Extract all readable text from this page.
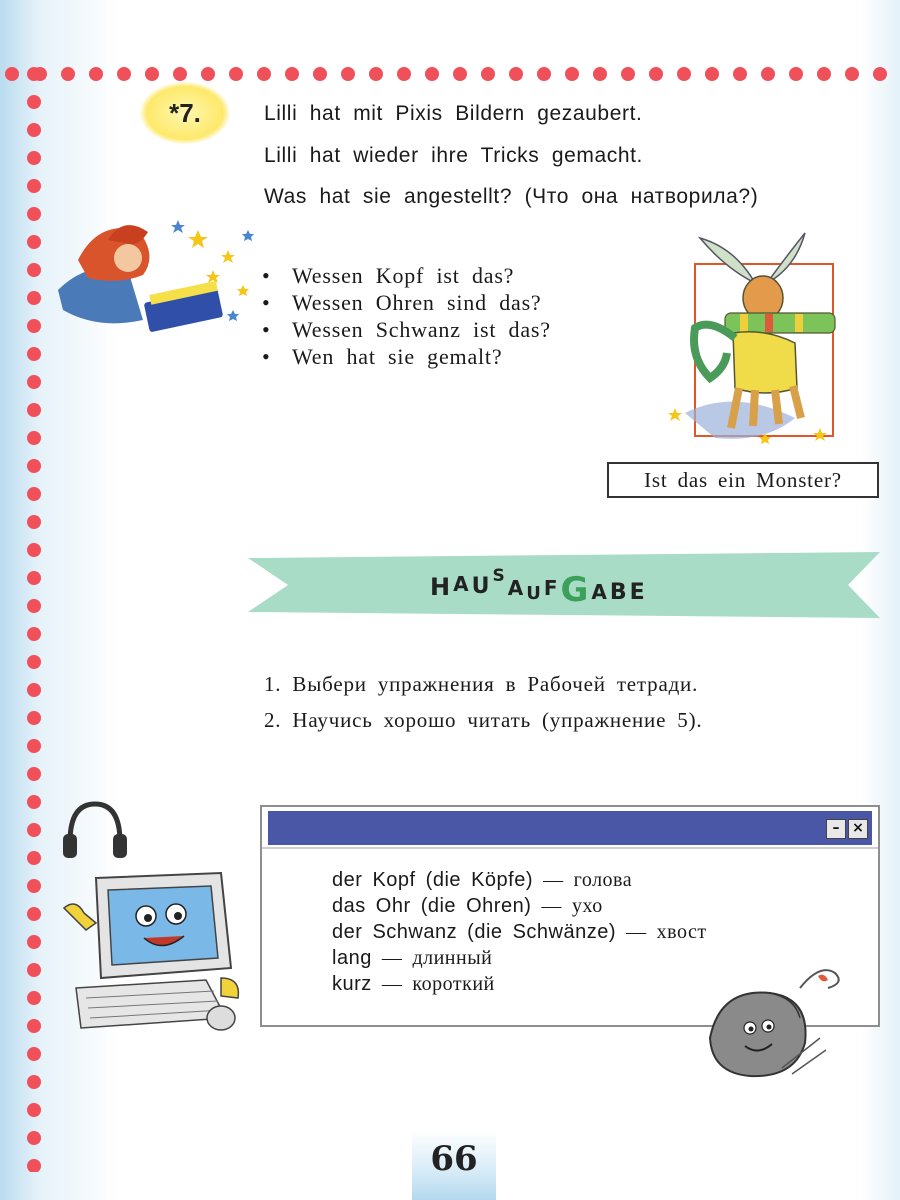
*7.	Lilli hat mit Pixis Bildern gezaubert.
Lilli hat wieder ihre Tricks gemacht.
Was hat sie angestellt? (Что она натворила?)
• Wessen Kopf ist das?
• Wessen Ohren sind das?
• Wessen Schwanz ist das?
• Wen hat sie gemalt?
Ist das ein Monster?
HAUSAUFGABE
1. Выбери упражнения в Рабочей тетради.
2. Научись хорошо читать (упражнение 5).
– ×
der Kopf (die Köpfe) — голова
das Ohr (die Ohren) — ухо
der Schwanz (die Schwänze) — хвост
lang — длинный
kurz — короткий
66
